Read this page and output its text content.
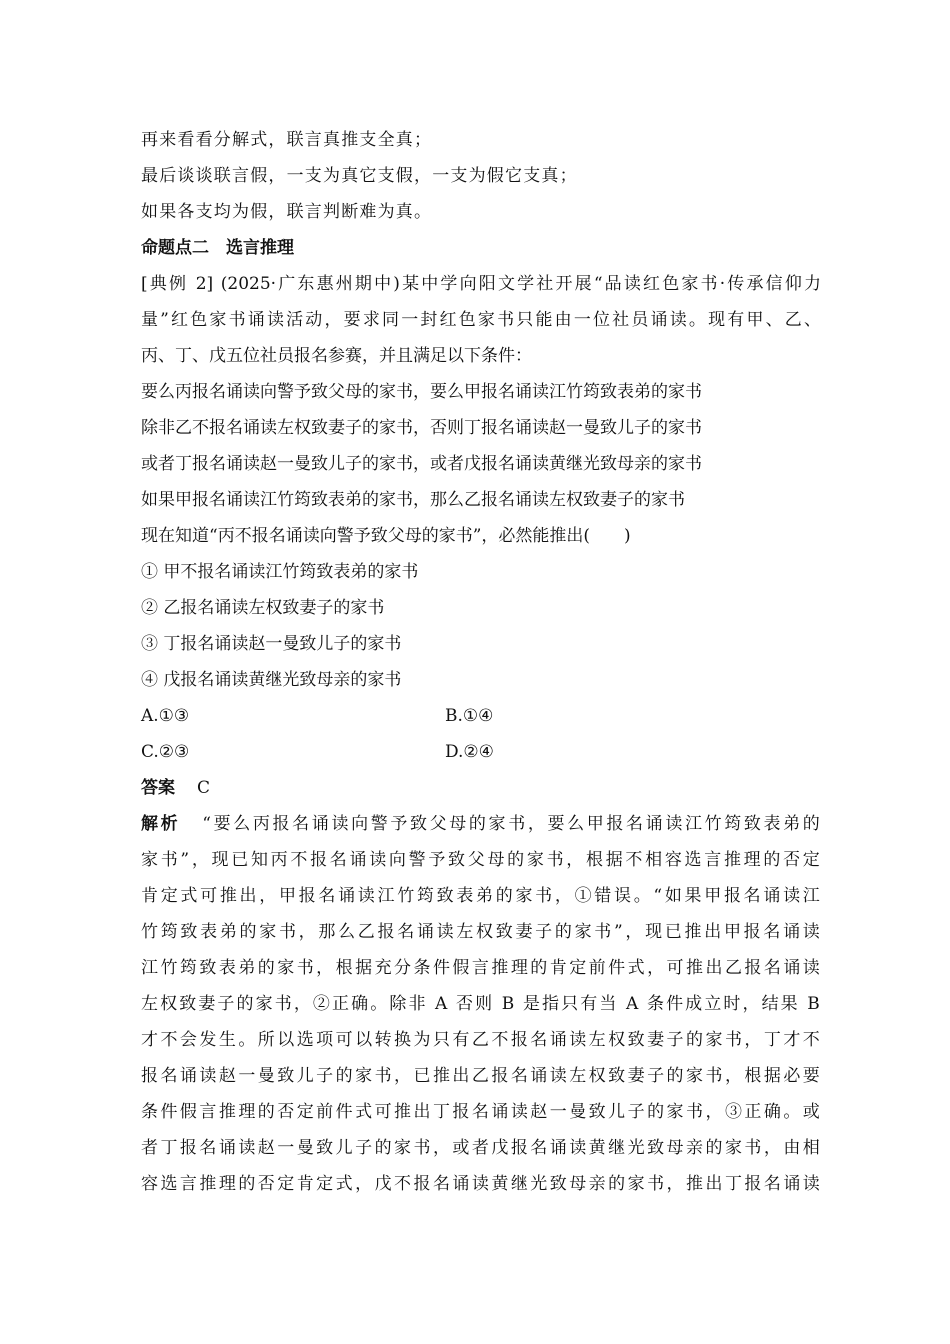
再来看看分解式，联言真推支全真；
最后谈谈联言假，一支为真它支假，一支为假它支真；
如果各支均为假，联言判断难为真。
命题点二　选言推理
[典例 2] (2025·广东惠州期中)某中学向阳文学社开展“品读红色家书·传承信仰力
量”红色家书诵读活动，要求同一封红色家书只能由一位社员诵读。现有甲、乙、
丙、丁、戊五位社员报名参赛，并且满足以下条件：
要么丙报名诵读向警予致父母的家书，要么甲报名诵读江竹筠致表弟的家书
除非乙不报名诵读左权致妻子的家书，否则丁报名诵读赵一曼致儿子的家书
或者丁报名诵读赵一曼致儿子的家书，或者戊报名诵读黄继光致母亲的家书
如果甲报名诵读江竹筠致表弟的家书，那么乙报名诵读左权致妻子的家书
现在知道“丙不报名诵读向警予致父母的家书”，必然能推出(　　)
① 甲不报名诵读江竹筠致表弟的家书
② 乙报名诵读左权致妻子的家书
③ 丁报名诵读赵一曼致儿子的家书
④ 戊报名诵读黄继光致母亲的家书
A.①③	B.①④
C.②③	D.②④
答案 C
解析 “要么丙报名诵读向警予致父母的家书，要么甲报名诵读江竹筠致表弟的
家书”，现已知丙不报名诵读向警予致父母的家书，根据不相容选言推理的否定
肯定式可推出，甲报名诵读江竹筠致表弟的家书，①错误。“如果甲报名诵读江
竹筠致表弟的家书，那么乙报名诵读左权致妻子的家书”，现已推出甲报名诵读
江竹筠致表弟的家书，根据充分条件假言推理的肯定前件式，可推出乙报名诵读
左权致妻子的家书，②正确。除非 A 否则 B 是指只有当 A 条件成立时，结果 B
才不会发生。所以选项可以转换为只有乙不报名诵读左权致妻子的家书，丁才不
报名诵读赵一曼致儿子的家书，已推出乙报名诵读左权致妻子的家书，根据必要
条件假言推理的否定前件式可推出丁报名诵读赵一曼致儿子的家书，③正确。或
者丁报名诵读赵一曼致儿子的家书，或者戊报名诵读黄继光致母亲的家书，由相
容选言推理的否定肯定式，戊不报名诵读黄继光致母亲的家书，推出丁报名诵读
